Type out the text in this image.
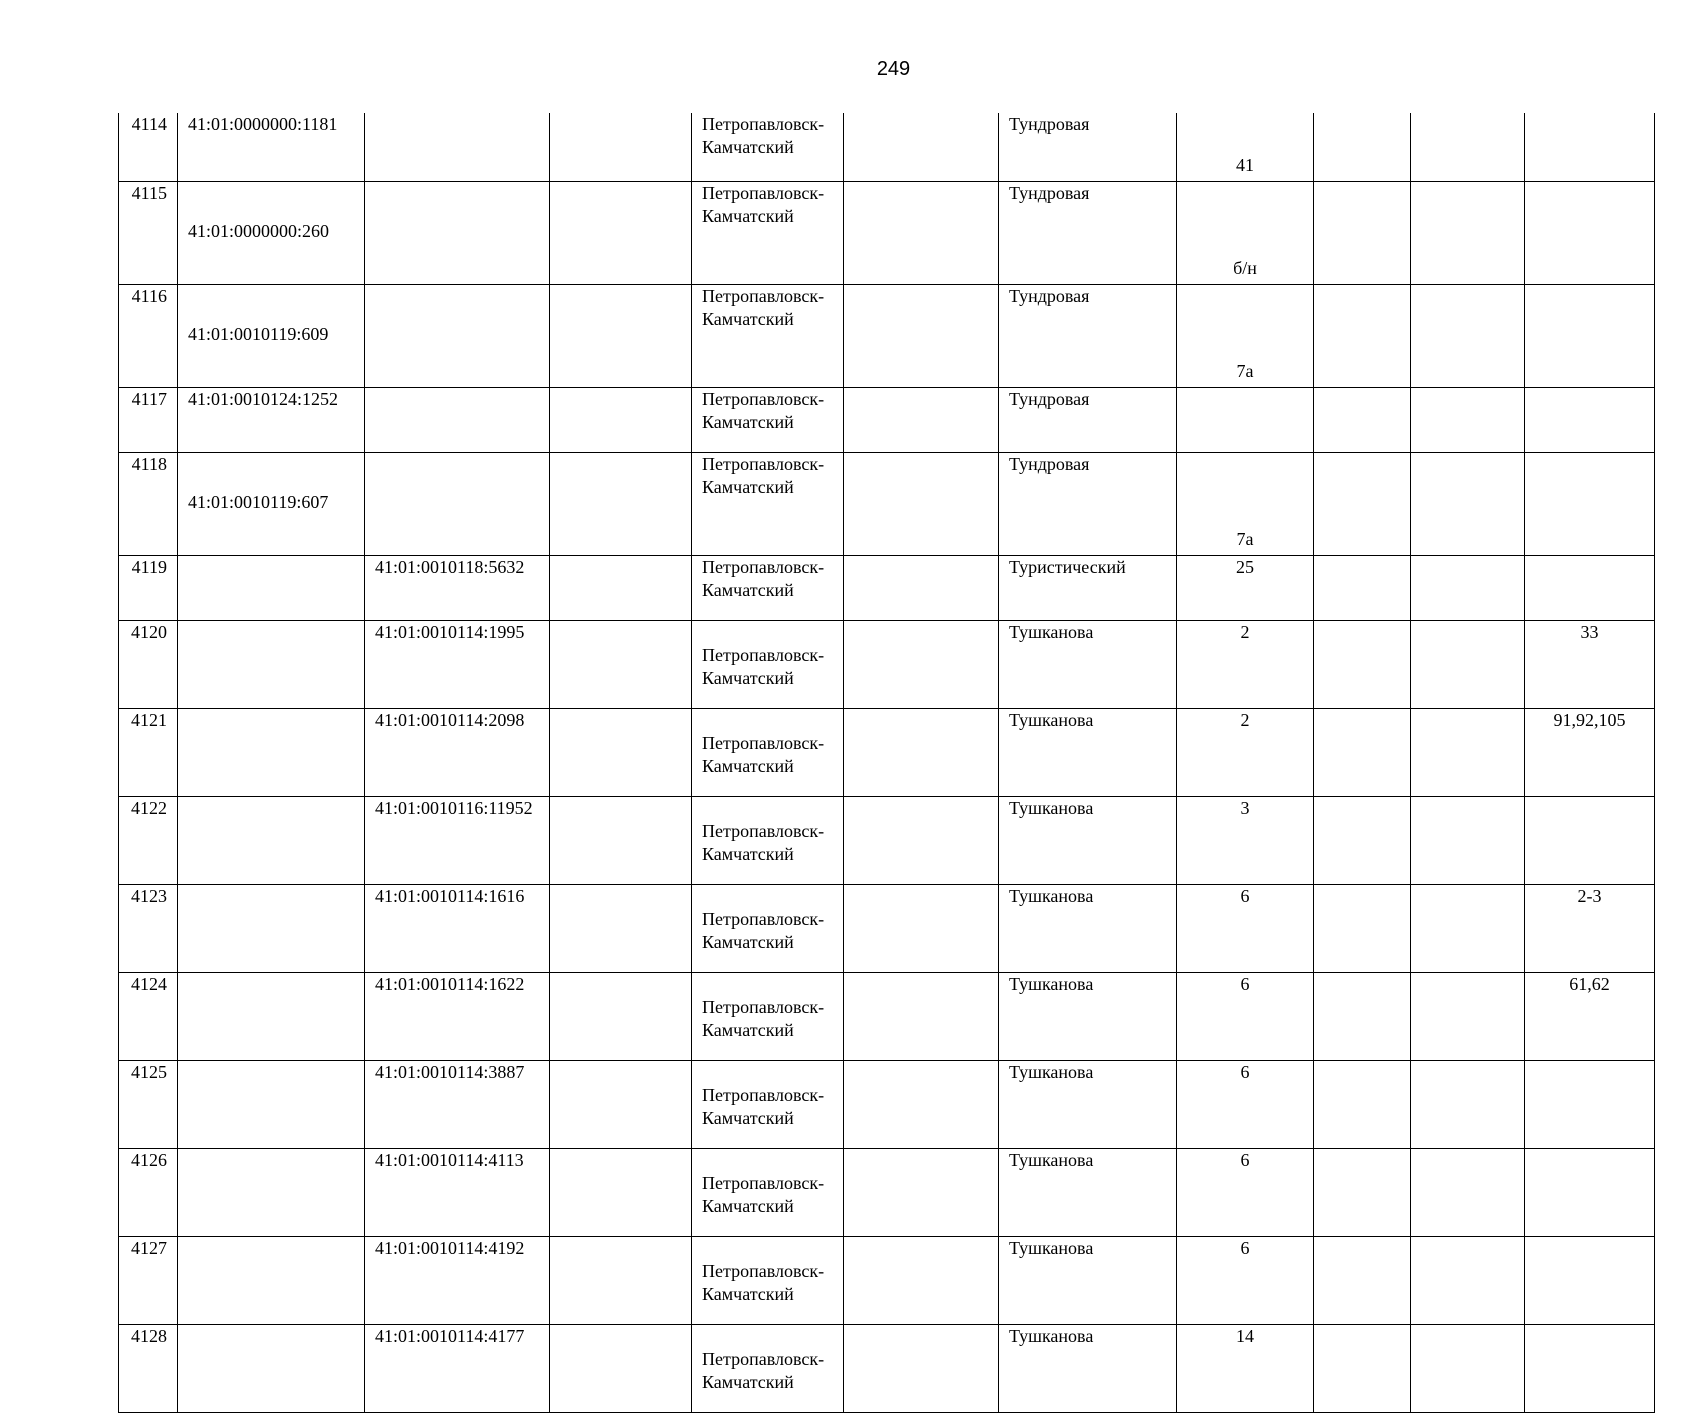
249
4114	41:01:0000000:1181			Петропавловск-Камчатский		Тундровая	41			
4115	41:01:0000000:260			Петропавловск-Камчатский		Тундровая	б/н			
4116	41:01:0010119:609			Петропавловск-Камчатский		Тундровая	7а			
4117	41:01:0010124:1252			Петропавловск-Камчатский		Тундровая				
4118	41:01:0010119:607			Петропавловск-Камчатский		Тундровая	7а			
4119		41:01:0010118:5632		Петропавловск-Камчатский		Туристический	25			
4120		41:01:0010114:1995		Петропавловск-Камчатский		Тушканова	2			33
4121		41:01:0010114:2098		Петропавловск-Камчатский		Тушканова	2			91,92,105
4122		41:01:0010116:11952		Петропавловск-Камчатский		Тушканова	3			
4123		41:01:0010114:1616		Петропавловск-Камчатский		Тушканова	6			2-3
4124		41:01:0010114:1622		Петропавловск-Камчатский		Тушканова	6			61,62
4125		41:01:0010114:3887		Петропавловск-Камчатский		Тушканова	6			
4126		41:01:0010114:4113		Петропавловск-Камчатский		Тушканова	6			
4127		41:01:0010114:4192		Петропавловск-Камчатский		Тушканова	6			
4128		41:01:0010114:4177		Петропавловск-Камчатский		Тушканова	14			
